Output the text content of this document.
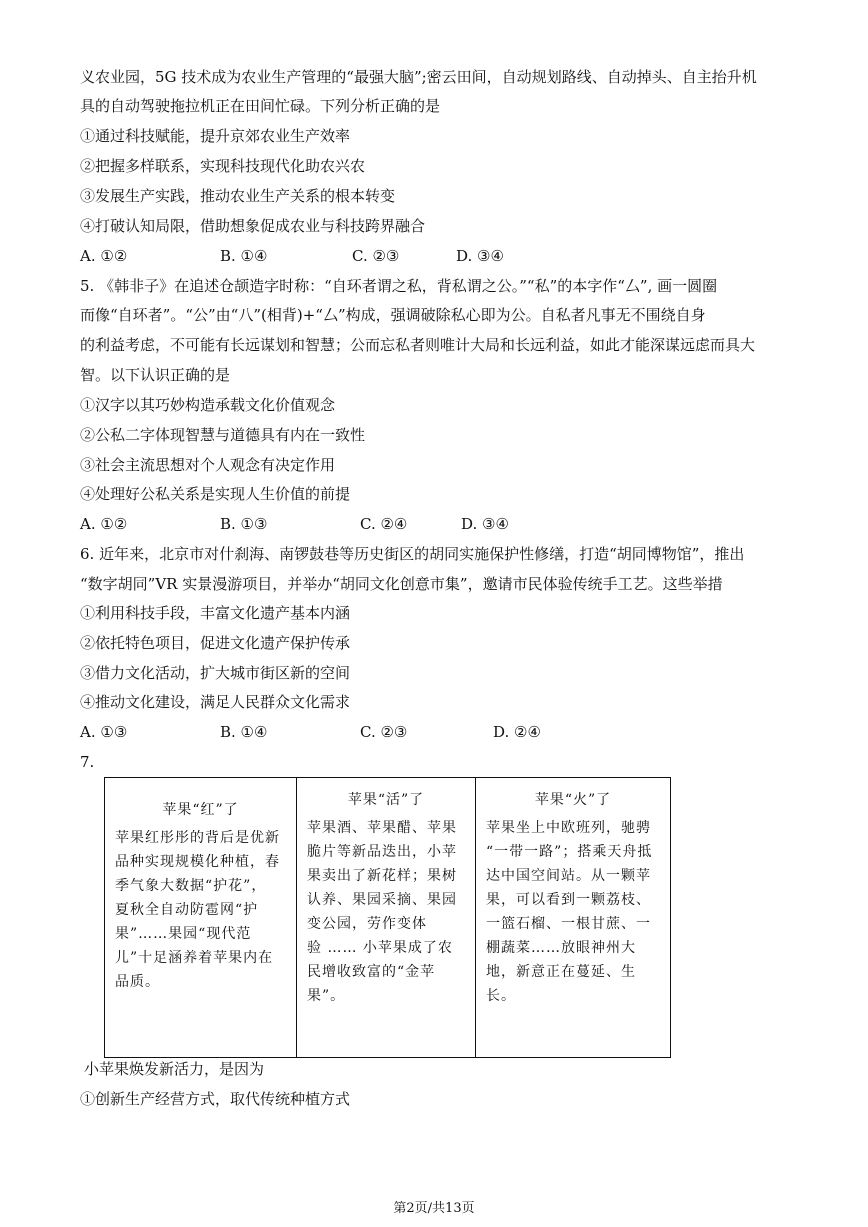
义农业园，5G 技术成为农业生产管理的“最强大脑”;密云田间，自动规划路线、自动掉头、自主抬升机
具的自动驾驶拖拉机正在田间忙碌。下列分析正确的是
①通过科技赋能，提升京郊农业生产效率
②把握多样联系，实现科技现代化助农兴农
③发展生产实践，推动农业生产关系的根本转变
④打破认知局限，借助想象促成农业与科技跨界融合
A. ①②	B. ①④	C. ②③	D. ③④
5. 《韩非子》在追述仓颉造字时称：“自环者谓之私，背私谓之公。”“私”的本字作“厶”, 画一圆圈
而像“自环者”。“公”由“八”(相背)+“厶”构成，强调破除私心即为公。自私者凡事无不围绕自身
的利益考虑，不可能有长远谋划和智慧；公而忘私者则唯计大局和长远利益，如此才能深谋远虑而具大
智。以下认识正确的是
①汉字以其巧妙构造承载文化价值观念
②公私二字体现智慧与道德具有内在一致性
③社会主流思想对个人观念有决定作用
④处理好公私关系是实现人生价值的前提
A. ①②	B. ①③	C. ②④	D. ③④
6. 近年来，北京市对什刹海、南锣鼓巷等历史街区的胡同实施保护性修缮，打造“胡同博物馆”，推出
“数字胡同”VR 实景漫游项目，并举办“胡同文化创意市集”，邀请市民体验传统手工艺。这些举措
①利用科技手段，丰富文化遗产基本内涵
②依托特色项目，促进文化遗产保护传承
③借力文化活动，扩大城市街区新的空间
④推动文化建设，满足人民群众文化需求
A. ①③	B. ①④	C. ②③	D. ②④
7.
苹果“红”了
苹果红彤彤的背后是优新
品种实现规模化种植，春
季气象大数据“护花”，
夏秋全自动防雹网“护
果”……果园“现代范
儿”十足涵养着苹果内在
品质。

苹果“活”了
苹果酒、苹果醋、苹果
脆片等新品迭出，小苹
果卖出了新花样；果树
认养、果园采摘、果园
变公园，劳作变体
验 …… 小苹果成了农
民增收致富的“金苹
果”。

苹果“火”了
苹果坐上中欧班列，驰骋
“一带一路”；搭乘天舟抵
达中国空间站。从一颗苹
果，可以看到一颗荔枝、
一篮石榴、一根甘蔗、一
棚蔬菜……放眼神州大
地，新意正在蔓延、生
长。
小苹果焕发新活力，是因为
①创新生产经营方式，取代传统种植方式
第2页/共13页
